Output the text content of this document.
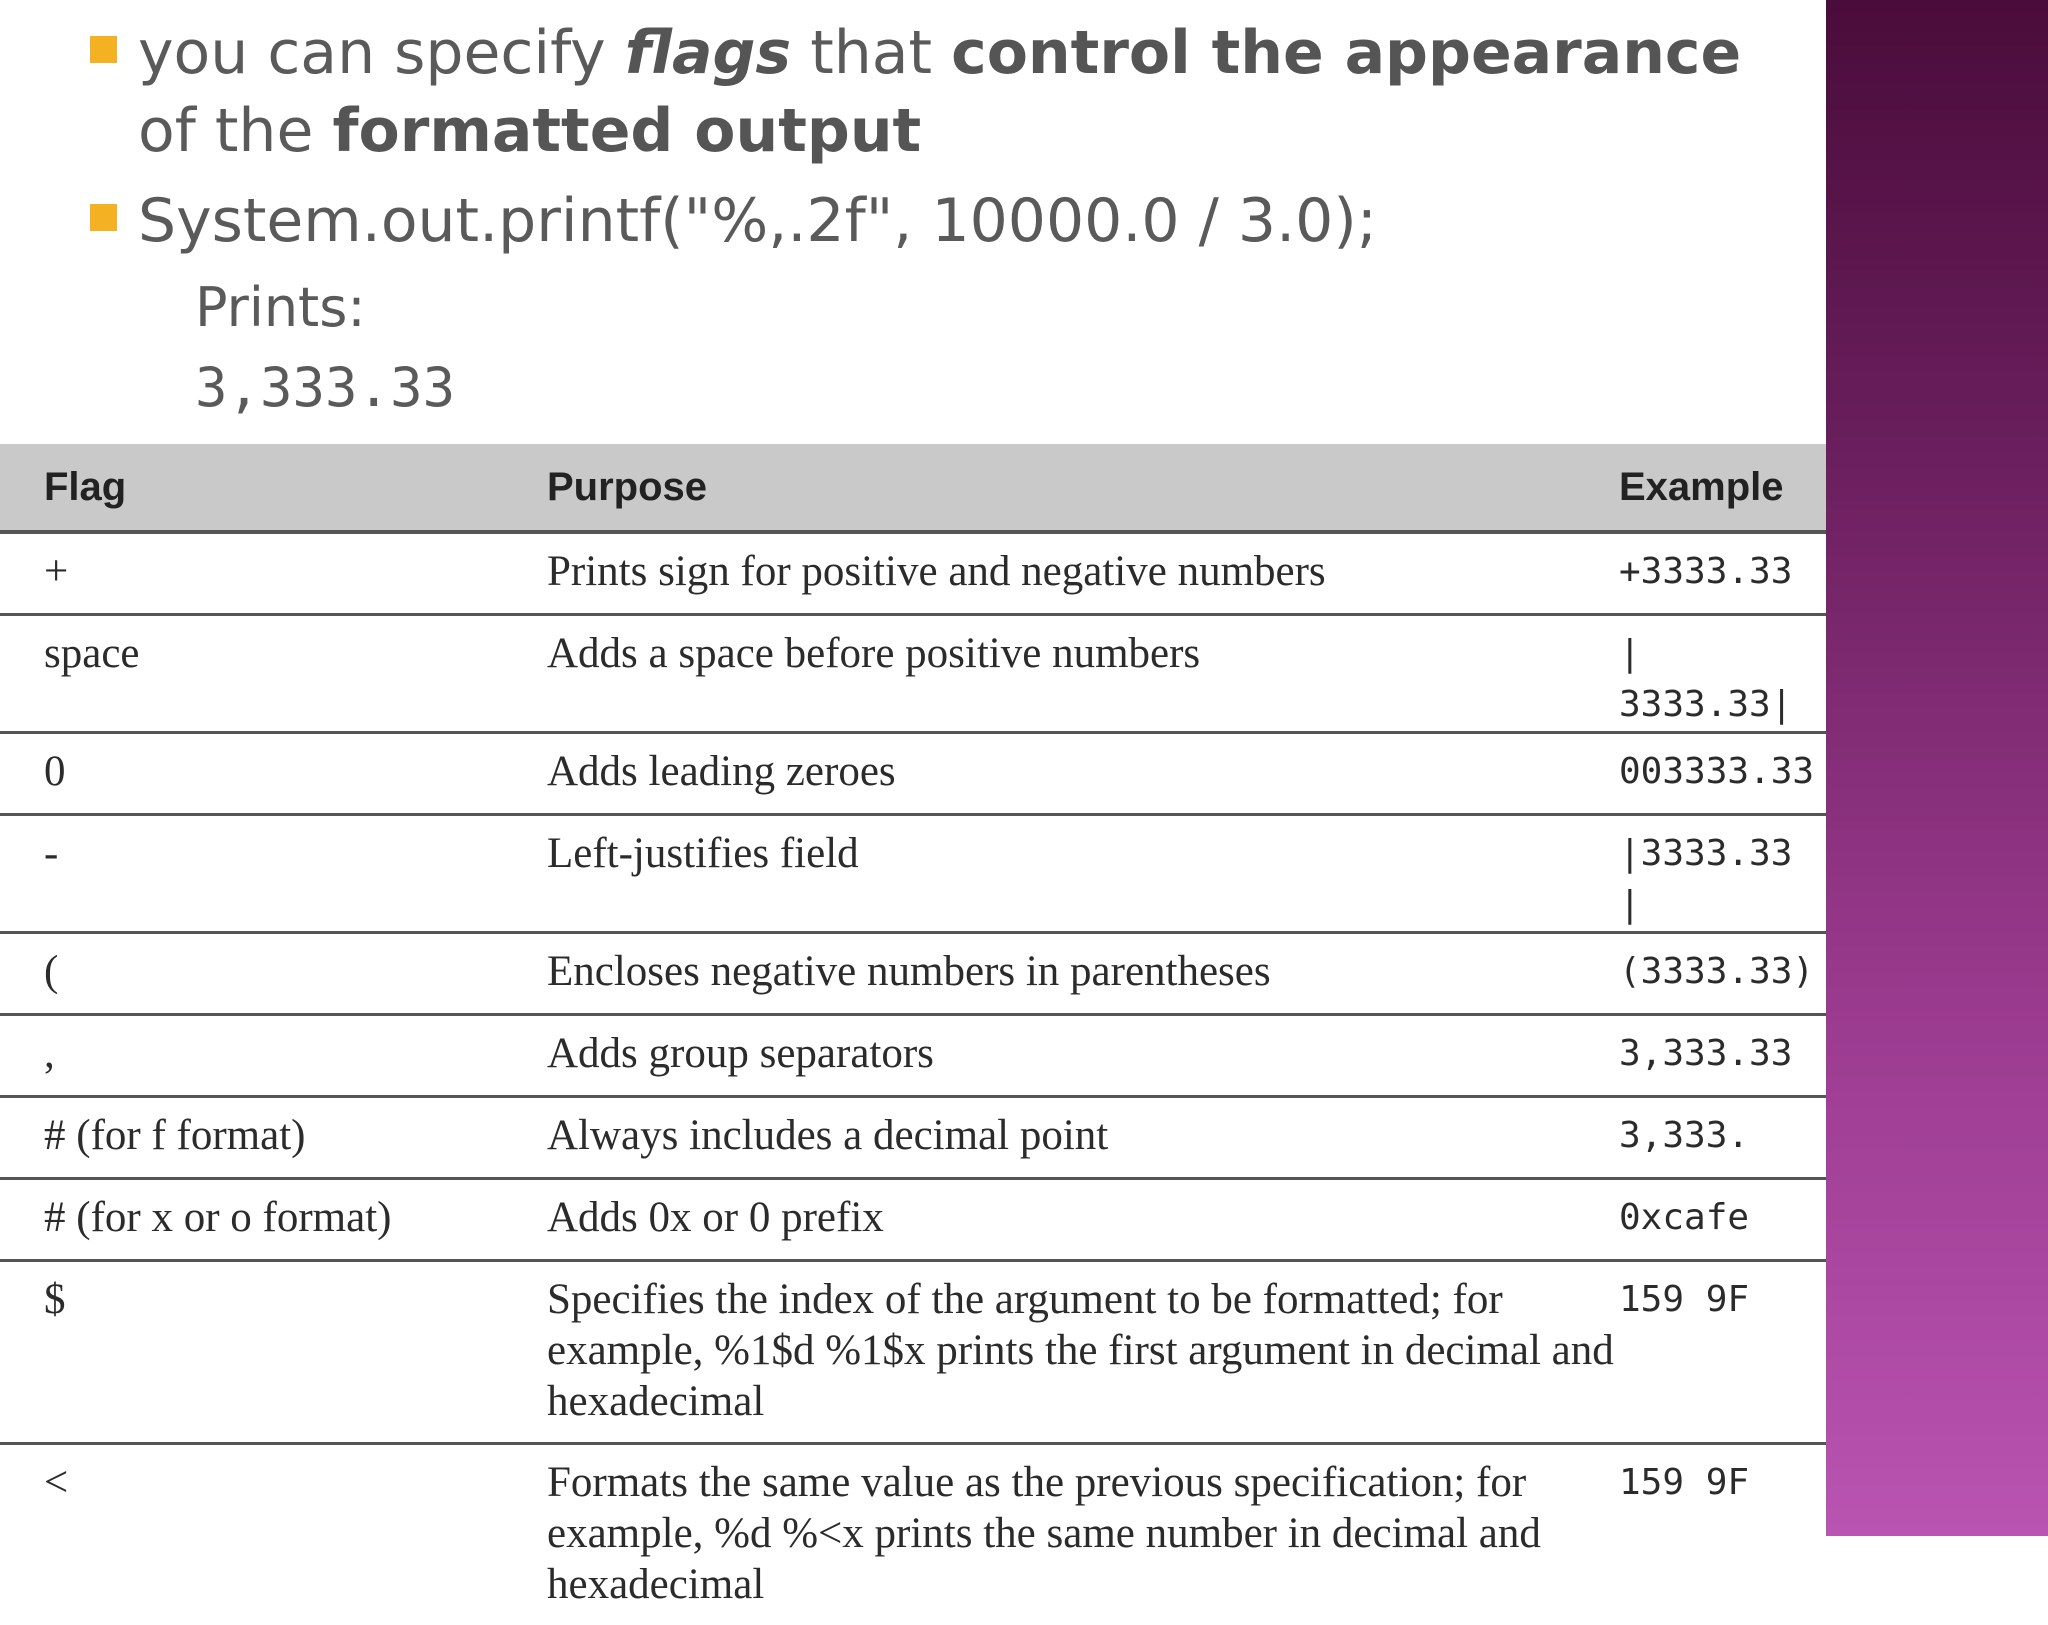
you can specify flags that control the appearance of the formatted output
System.out.printf("%,.2f", 10000.0 / 3.0);
Prints:
3,333.33
Flag	Purpose	Example
+	Prints sign for positive and negative numbers	+3333.33
space	Adds a space before positive numbers	| 3333.33|
0	Adds leading zeroes	003333.33
-	Left-justifies field	|3333.33 |
(	Encloses negative numbers in parentheses	(3333.33)
,	Adds group separators	3,333.33
# (for f format)	Always includes a decimal point	3,333.
# (for x or o format)	Adds 0x or 0 prefix	0xcafe
$	Specifies the index of the argument to be formatted; for example, %1$d %1$x prints the first argument in decimal and hexadecimal	159 9F
<	Formats the same value as the previous specification; for example, %d %<x prints the same number in decimal and hexadecimal	159 9F
